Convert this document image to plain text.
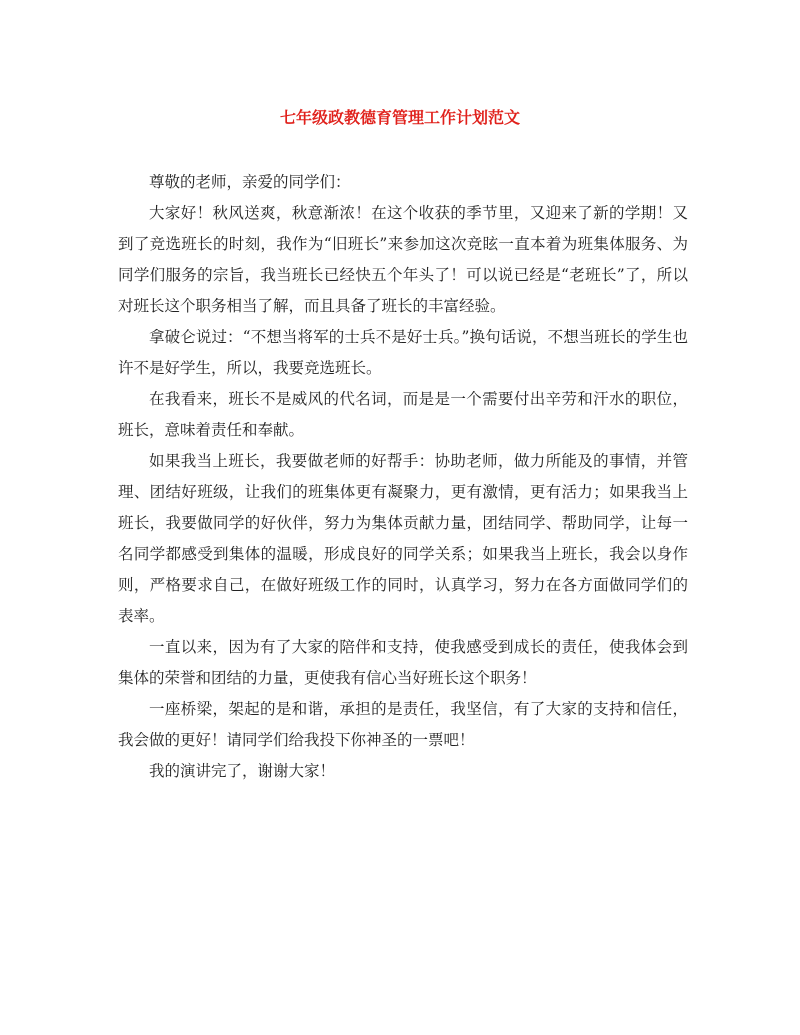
七年级政教德育管理工作计划范文

尊敬的老师，亲爱的同学们：

大家好！秋风送爽，秋意渐浓！在这个收获的季节里，又迎来了新的学期！又到了竞选班长的时刻，我作为“旧班长”来参加这次竞眩一直本着为班集体服务、为同学们服务的宗旨，我当班长已经快五个年头了！可以说已经是“老班长”了，所以对班长这个职务相当了解，而且具备了班长的丰富经验。

拿破仑说过：“不想当将军的士兵不是好士兵。”换句话说，不想当班长的学生也许不是好学生，所以，我要竞选班长。

在我看来，班长不是威风的代名词，而是是一个需要付出辛劳和汗水的职位，班长，意味着责任和奉献。

如果我当上班长，我要做老师的好帮手：协助老师，做力所能及的事情，并管理、团结好班级，让我们的班集体更有凝聚力，更有激情，更有活力；如果我当上班长，我要做同学的好伙伴，努力为集体贡献力量，团结同学、帮助同学，让每一名同学都感受到集体的温暖，形成良好的同学关系；如果我当上班长，我会以身作则，严格要求自己，在做好班级工作的同时，认真学习，努力在各方面做同学们的表率。

一直以来，因为有了大家的陪伴和支持，使我感受到成长的责任，使我体会到集体的荣誉和团结的力量，更使我有信心当好班长这个职务！

一座桥梁，架起的是和谐，承担的是责任，我坚信，有了大家的支持和信任，我会做的更好！请同学们给我投下你神圣的一票吧！

我的演讲完了，谢谢大家！
